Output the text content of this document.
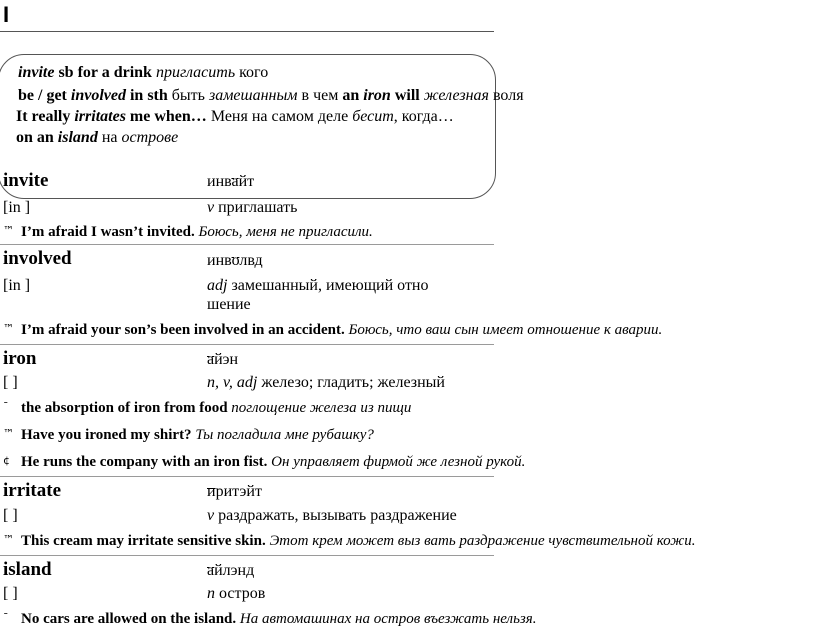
I
invite sb for a drink пригласить кого
be / get involved in sth быть замешанным в чем an iron will железная воля
It really irritates me when… Меня на самом деле бесит, когда…
on an island на острове
invite	инвайт
[in ]	v приглашать
™ I’m afraid I wasn’t invited. Боюсь, меня не пригласили.
involved	инволвд
[in ]	adj замешанный, имеющий отно
шение
™ I’m afraid your son’s been involved in an accident. Боюсь, что ваш сын имеет отношение к аварии.
iron	айэн
[ ]	n, v, adj железо; гладить; железный
¯ the absorption of iron from food поглощение железа из пищи
™ Have you ironed my shirt? Ты погладила мне рубашку?
¢ He runs the company with an iron fist. Он управляет фирмой же лезной рукой.
irritate	иритэйт
[ ]	v раздражать, вызывать раздражение
™ This cream may irritate sensitive skin. Этот крем может выз вать раздражение чувствительной кожи.
island	айлэнд
[ ]	n остров
¯ No cars are allowed on the island. На автомашинах на остров въезжать нельзя.
